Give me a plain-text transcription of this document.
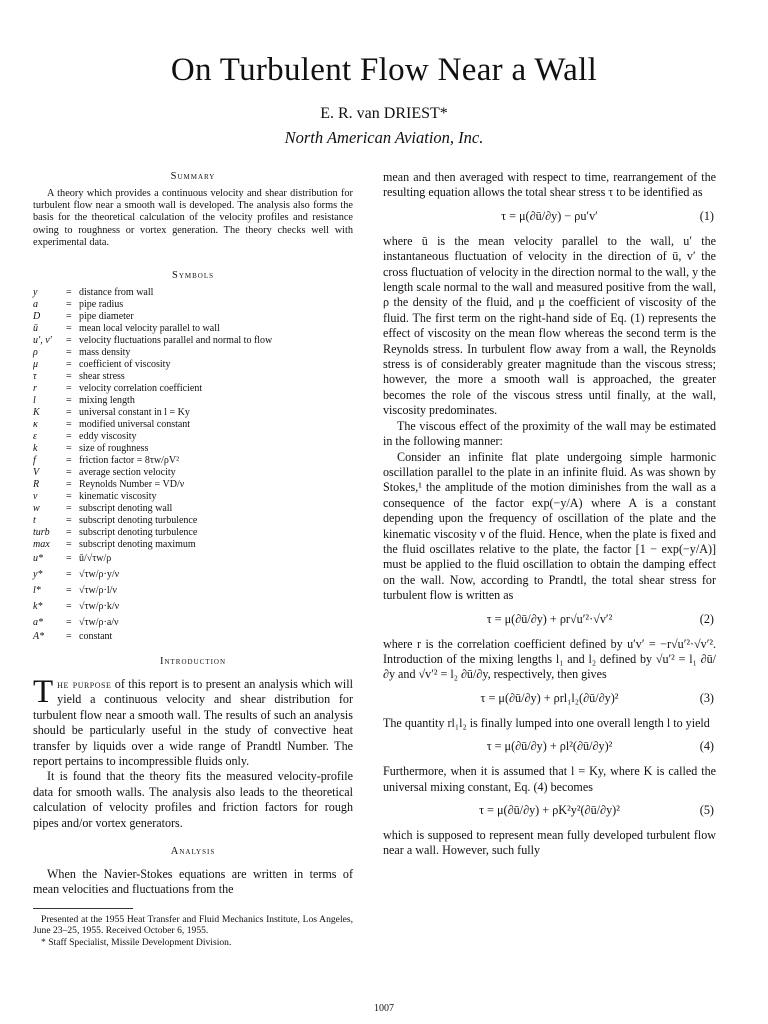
On Turbulent Flow Near a Wall
E. R. van DRIEST*
North American Aviation, Inc.
Summary
A theory which provides a continuous velocity and shear distribution for turbulent flow near a smooth wall is developed. The analysis also forms the basis for the theoretical calculation of the velocity profiles and resistance owing to roughness or vortex generation. The theory checks well with experimental data.
Symbols
y	= distance from wall
a	= pipe radius
D	= pipe diameter
ū	= mean local velocity parallel to wall
u′, v′	= velocity fluctuations parallel and normal to flow
ρ	= mass density
μ	= coefficient of viscosity
τ	= shear stress
r	= velocity correlation coefficient
l	= mixing length
K	= universal constant in l = Ky
κ	= modified universal constant
ε	= eddy viscosity
k	= size of roughness
f	= friction factor = 8τw/ρV²
V	= average section velocity
R	= Reynolds Number = VD/ν
ν	= kinematic viscosity
w	= subscript denoting wall
t	= subscript denoting turbulence
turb	= subscript denoting turbulence
max	= subscript denoting maximum
u*	= ū/√τw/ρ
y*	= √τw/ρ·y/ν
l*	= √τw/ρ·l/ν
k*	= √τw/ρ·k/ν
a*	= √τw/ρ·a/ν
A*	= constant
Introduction

The purpose of this report is to present an analysis which will yield a continuous velocity and shear distribution for turbulent flow near a smooth wall. The results of such an analysis should be particularly useful in the study of convective heat transfer by liquids over a wide range of Prandtl Number. The report pertains to incompressible fluids only.

It is found that the theory fits the measured velocity-profile data for smooth walls. The analysis also leads to the theoretical calculation of velocity profiles and friction factors for rough pipes and/or vortex generators.

Analysis
When the Navier-Stokes equations are written in terms of mean velocities and fluctuations from the

Presented at the 1955 Heat Transfer and Fluid Mechanics Institute, Los Angeles, June 23–25, 1955. Received October 6, 1955.

* Staff Specialist, Missile Development Division.

mean and then averaged with respect to time, rearrangement of the resulting equation allows the total shear stress τ to be identified as

τ = μ(∂ū/∂y) − ρu′v′	(1)

where ū is the mean velocity parallel to the wall, u′ the instantaneous fluctuation of velocity in the direction of ū, v′ the cross fluctuation of velocity in the direction normal to the wall, y the length scale normal to the wall and measured positive from the wall, ρ the density of the fluid, and μ the coefficient of viscosity of the fluid. The first term on the right-hand side of Eq. (1) represents the effect of viscosity on the mean flow whereas the second term is the Reynolds stress. In turbulent flow away from a wall, the Reynolds stress is of considerably greater magnitude than the viscous stress; however, the more a smooth wall is approached, the greater becomes the role of the viscous stress until finally, at the wall, viscosity predominates.

The viscous effect of the proximity of the wall may be estimated in the following manner:

Consider an infinite flat plate undergoing simple harmonic oscillation parallel to the plate in an infinite fluid. As was shown by Stokes,¹ the amplitude of the motion diminishes from the wall as a consequence of the factor exp(−y/A) where A is a constant depending upon the frequency of oscillation of the plate and the kinematic viscosity ν of the fluid. Hence, when the plate is fixed and the fluid oscillates relative to the plate, the factor [1 − exp(−y/A)] must be applied to the fluid oscillation to obtain the damping effect on the wall. Now, according to Prandtl, the total shear stress for turbulent flow is written as

τ = μ(∂ū/∂y) + ρr√u′²·√v′²	(2)

where r is the correlation coefficient defined by u′v′ = −r√u′²·√v′². Introduction of the mixing lengths l₁ and l₂ defined by √u′² = l₁ ∂ū/∂y and √v′² = l₂ ∂ū/∂y, respectively, then gives

τ = μ(∂ū/∂y) + ρrl₁l₂(∂ū/∂y)²	(3)

The quantity rl₁l₂ is finally lumped into one overall length l to yield

τ = μ(∂ū/∂y) + ρl²(∂ū/∂y)²	(4)

Furthermore, when it is assumed that l = Ky, where K is called the universal mixing constant, Eq. (4) becomes

τ = μ(∂ū/∂y) + ρK²y²(∂ū/∂y)²	(5)

which is supposed to represent mean fully developed turbulent flow near a wall. However, such fully

1007
